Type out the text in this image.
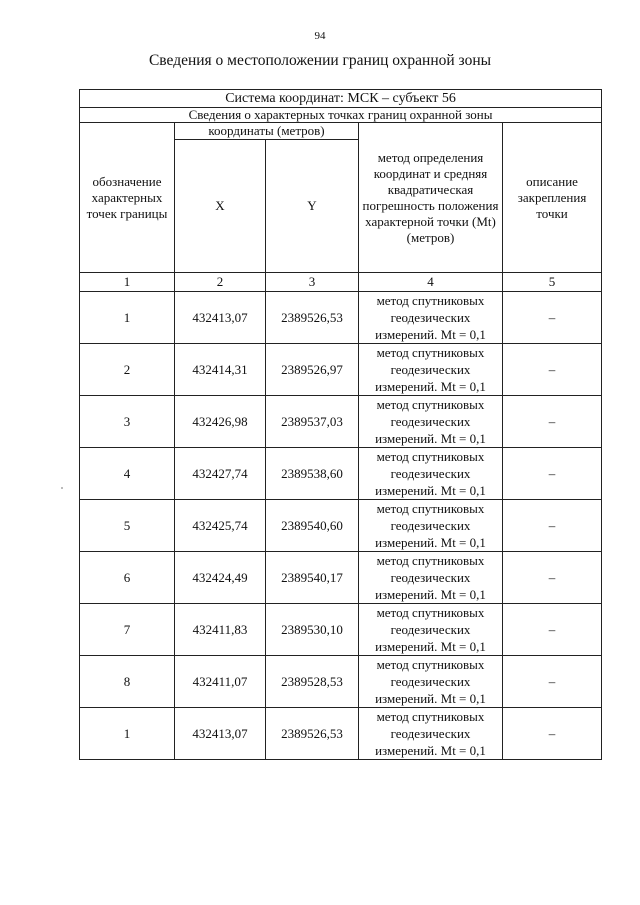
94
Сведения о местоположении границ охранной зоны
Система координат: МСК – субъект 56				
Сведения о характерных точках границ охранной зоны				
обозначение характерных точек границы	координаты (метров)		метод определения координат и средняя квадратическая погрешность положения характерной точки (Mt) (метров)	описание закрепления точки
	X	Y		
1	2	3	4	5
1	432413,07	2389526,53	метод спутниковых геодезических измерений. Mt = 0,1	–
2	432414,31	2389526,97	метод спутниковых геодезических измерений. Mt = 0,1	–
3	432426,98	2389537,03	метод спутниковых геодезических измерений. Mt = 0,1	–
4	432427,74	2389538,60	метод спутниковых геодезических измерений. Mt = 0,1	–
5	432425,74	2389540,60	метод спутниковых геодезических измерений. Mt = 0,1	–
6	432424,49	2389540,17	метод спутниковых геодезических измерений. Mt = 0,1	–
7	432411,83	2389530,10	метод спутниковых геодезических измерений. Mt = 0,1	–
8	432411,07	2389528,53	метод спутниковых геодезических измерений. Mt = 0,1	–
1	432413,07	2389526,53	метод спутниковых геодезических измерений. Mt = 0,1	–
